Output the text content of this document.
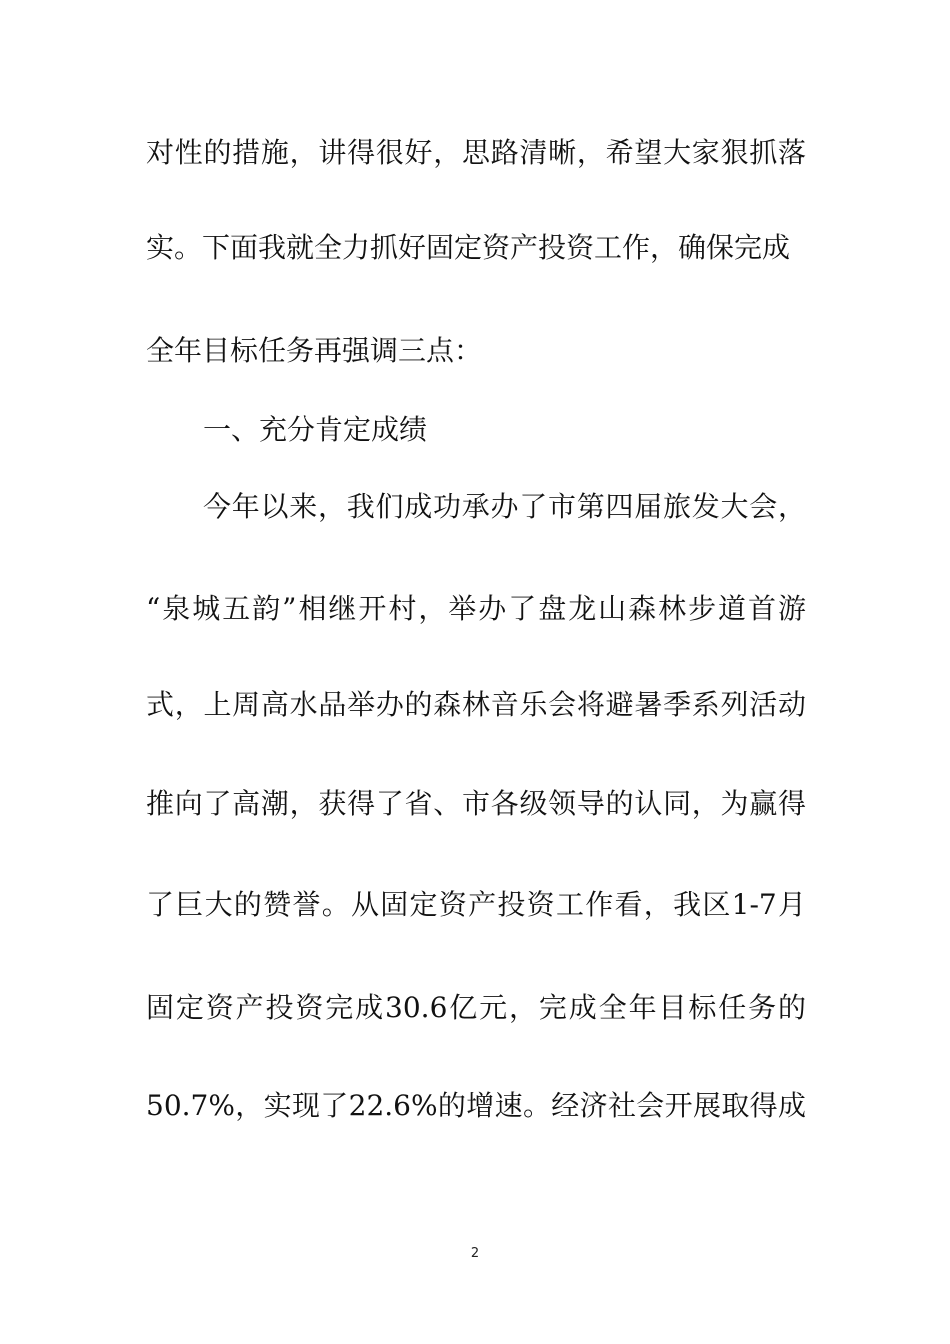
对性的措施，讲得很好，思路清晰，希望大家狠抓落
实。下面我就全力抓好固定资产投资工作，确保完成
全年目标任务再强调三点：
一、充分肯定成绩
今年以来，我们成功承办了市第四届旅发大会，
“泉城五韵”相继开村，举办了盘龙山森林步道首游
式，上周高水品举办的森林音乐会将避暑季系列活动
推向了高潮，获得了省、市各级领导的认同，为赢得
了巨大的赞誉。从固定资产投资工作看，我区1-7月
固定资产投资完成30.6亿元，完成全年目标任务的
50.7%，实现了22.6%的增速。经济社会开展取得成
2
